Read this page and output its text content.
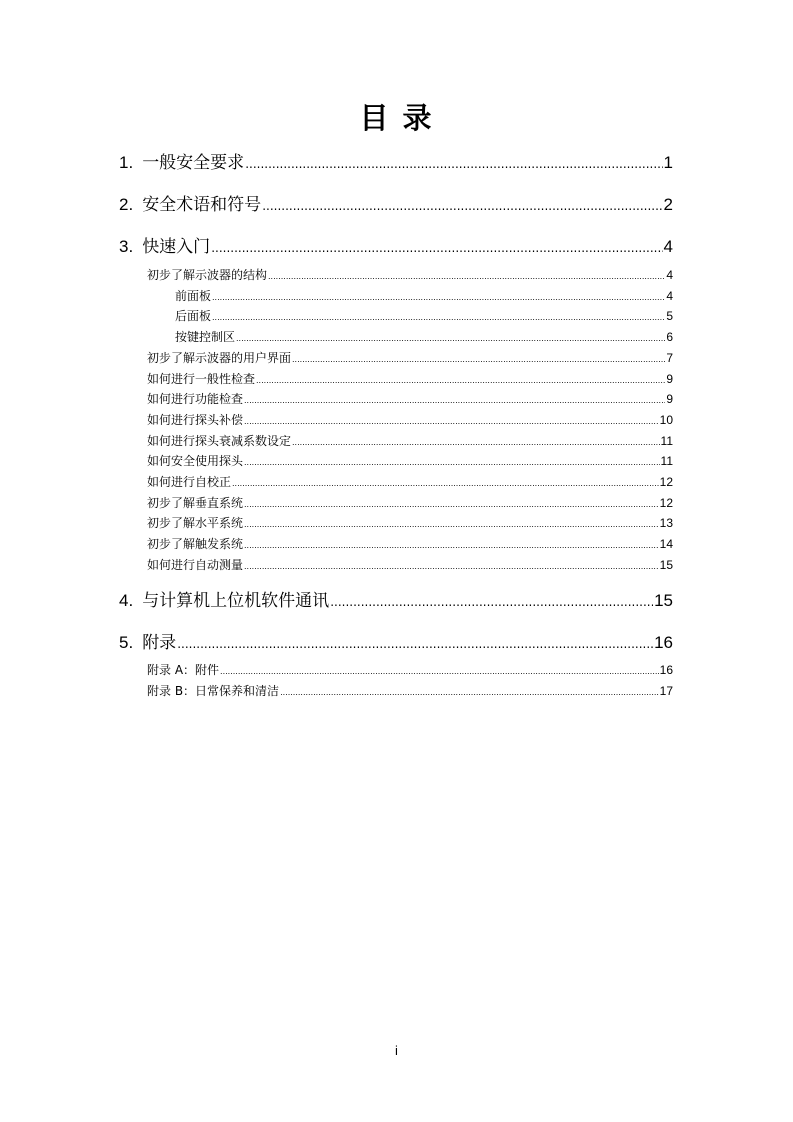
目 录
1. 一般安全要求 .....	1
2. 安全术语和符号 .....	2
3. 快速入门 .....	4
初步了解示波器的结构 .....	4
前面板 .....	4
后面板 .....	5
按键控制区 .....	6
初步了解示波器的用户界面 .....	7
如何进行一般性检查 .....	9
如何进行功能检查 .....	9
如何进行探头补偿 .....	10
如何进行探头衰减系数设定 .....	11
如何安全使用探头 .....	11
如何进行自校正 .....	12
初步了解垂直系统 .....	12
初步了解水平系统 .....	13
初步了解触发系统 .....	14
如何进行自动测量 .....	15
4. 与计算机上位机软件通讯 .....	15
5. 附录 .....	16
附录 A：附件 .....	16
附录 B：日常保养和清洁 .....	17
i
